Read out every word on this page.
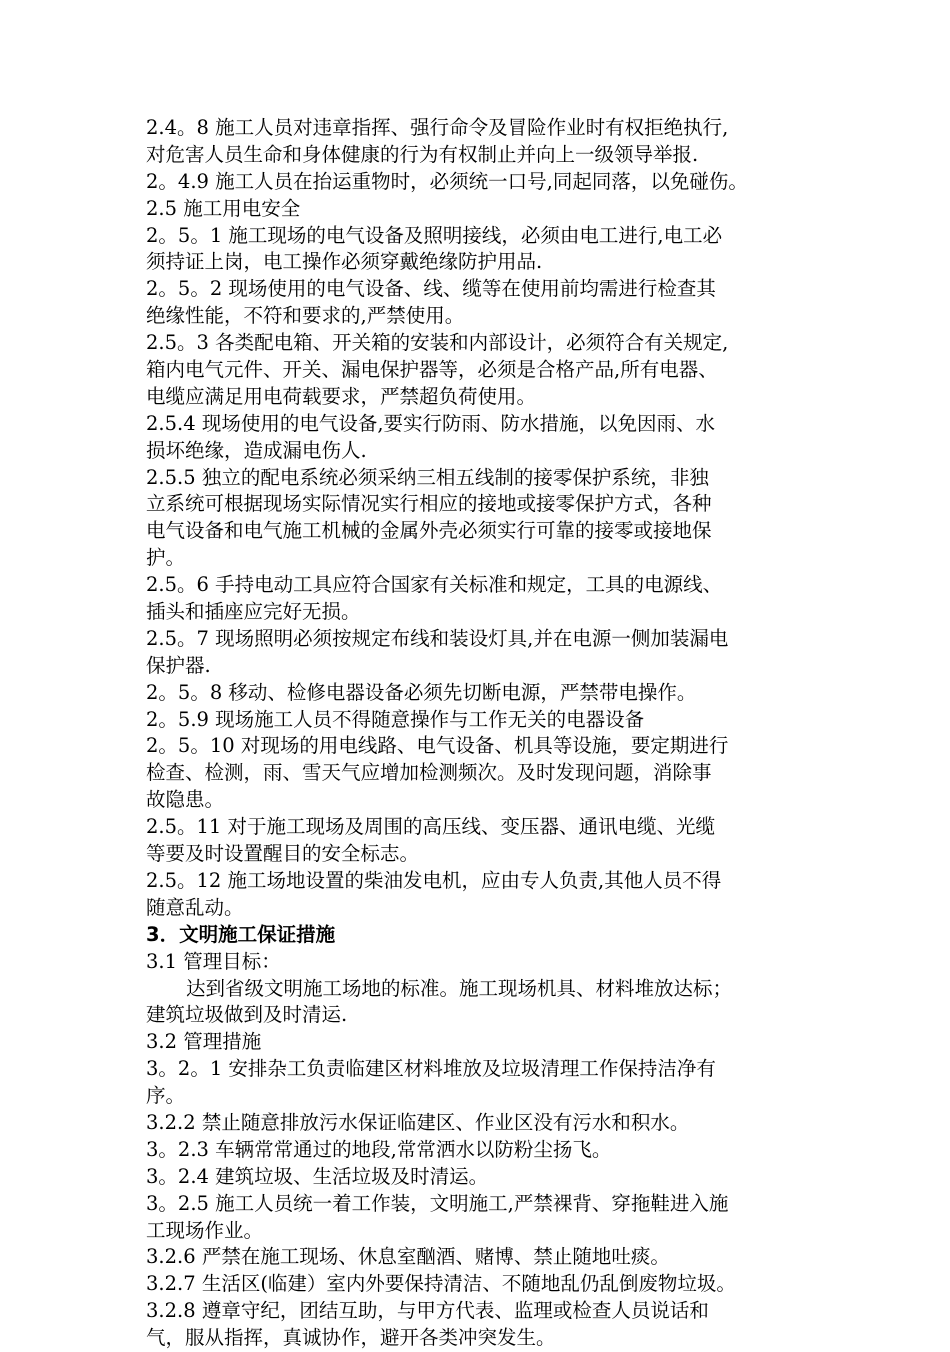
2.4。8 施工人员对违章指挥、强行命令及冒险作业时有权拒绝执行,
对危害人员生命和身体健康的行为有权制止并向上一级领导举报.
2。4.9 施工人员在抬运重物时，必须统一口号,同起同落，以免碰伤。
2.5 施工用电安全
2。5。1 施工现场的电气设备及照明接线，必须由电工进行,电工必
须持证上岗，电工操作必须穿戴绝缘防护用品.
2。5。2 现场使用的电气设备、线、缆等在使用前均需进行检查其
绝缘性能，不符和要求的,严禁使用。
2.5。3 各类配电箱、开关箱的安装和内部设计，必须符合有关规定,
箱内电气元件、开关、漏电保护器等，必须是合格产品,所有电器、
电缆应满足用电荷载要求，严禁超负荷使用。
2.5.4 现场使用的电气设备,要实行防雨、防水措施，以免因雨、水
损坏绝缘，造成漏电伤人.
2.5.5 独立的配电系统必须采纳三相五线制的接零保护系统，非独
立系统可根据现场实际情况实行相应的接地或接零保护方式，各种
电气设备和电气施工机械的金属外壳必须实行可靠的接零或接地保
护。
2.5。6 手持电动工具应符合国家有关标准和规定，工具的电源线、
插头和插座应完好无损。
2.5。7 现场照明必须按规定布线和装设灯具,并在电源一侧加装漏电
保护器.
2。5。8 移动、检修电器设备必须先切断电源，严禁带电操作。
2。5.9 现场施工人员不得随意操作与工作无关的电器设备
2。5。10 对现场的用电线路、电气设备、机具等设施，要定期进行
检查、检测，雨、雪天气应增加检测频次。及时发现问题，消除事
故隐患。
2.5。11 对于施工现场及周围的高压线、变压器、通讯电缆、光缆
等要及时设置醒目的安全标志。
2.5。12 施工场地设置的柴油发电机，应由专人负责,其他人员不得
随意乱动。
3．文明施工保证措施
3.1 管理目标：
达到省级文明施工场地的标准。施工现场机具、材料堆放达标；
建筑垃圾做到及时清运.
3.2 管理措施
3。2。1 安排杂工负责临建区材料堆放及垃圾清理工作保持洁净有
序。
3.2.2 禁止随意排放污水保证临建区、作业区没有污水和积水。
3。2.3 车辆常常通过的地段,常常洒水以防粉尘扬飞。
3。2.4 建筑垃圾、生活垃圾及时清运。
3。2.5 施工人员统一着工作装，文明施工,严禁裸背、穿拖鞋进入施
工现场作业。
3.2.6 严禁在施工现场、休息室酗酒、赌博、禁止随地吐痰。
3.2.7 生活区(临建）室内外要保持清洁、不随地乱仍乱倒废物垃圾。
3.2.8 遵章守纪，团结互助，与甲方代表、监理或检查人员说话和
气，服从指挥，真诚协作，避开各类冲突发生。
